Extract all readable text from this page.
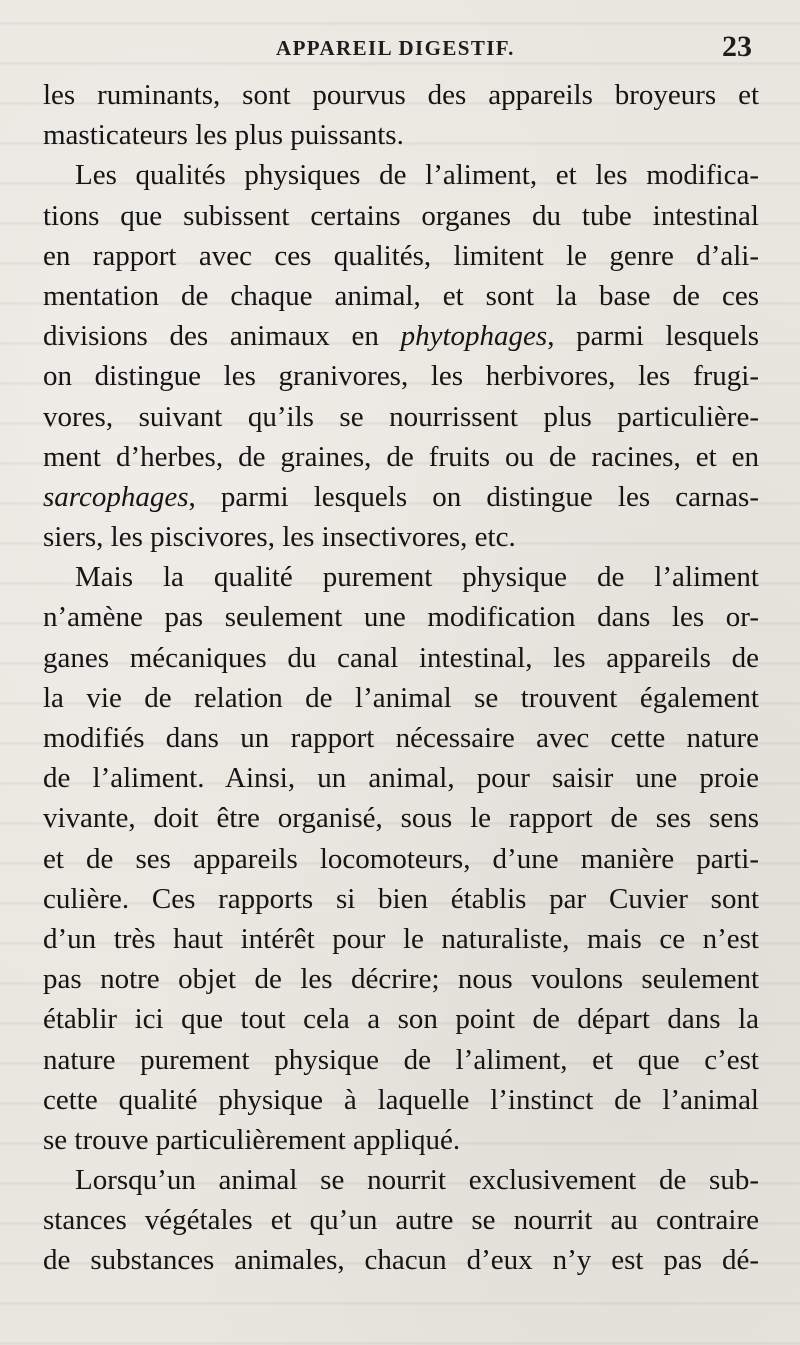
APPAREIL DIGESTIF.	23
les ruminants, sont pourvus des appareils broyeurs et
masticateurs les plus puissants.
Les qualités physiques de l’aliment, et les modifica-
tions que subissent certains organes du tube intestinal
en rapport avec ces qualités, limitent le genre d’ali-
mentation de chaque animal, et sont la base de ces
divisions des animaux en phytophages, parmi lesquels
on distingue les granivores, les herbivores, les frugi-
vores, suivant qu’ils se nourrissent plus particulière-
ment d’herbes, de graines, de fruits ou de racines, et en
sarcophages, parmi lesquels on distingue les carnas-
siers, les piscivores, les insectivores, etc.
Mais la qualité purement physique de l’aliment
n’amène pas seulement une modification dans les or-
ganes mécaniques du canal intestinal, les appareils de
la vie de relation de l’animal se trouvent également
modifiés dans un rapport nécessaire avec cette nature
de l’aliment. Ainsi, un animal, pour saisir une proie
vivante, doit être organisé, sous le rapport de ses sens
et de ses appareils locomoteurs, d’une manière parti-
culière. Ces rapports si bien établis par Cuvier sont
d’un très haut intérêt pour le naturaliste, mais ce n’est
pas notre objet de les décrire; nous voulons seulement
établir ici que tout cela a son point de départ dans la
nature purement physique de l’aliment, et que c’est
cette qualité physique à laquelle l’instinct de l’animal
se trouve particulièrement appliqué.
Lorsqu’un animal se nourrit exclusivement de sub-
stances végétales et qu’un autre se nourrit au contraire
de substances animales, chacun d’eux n’y est pas dé-
